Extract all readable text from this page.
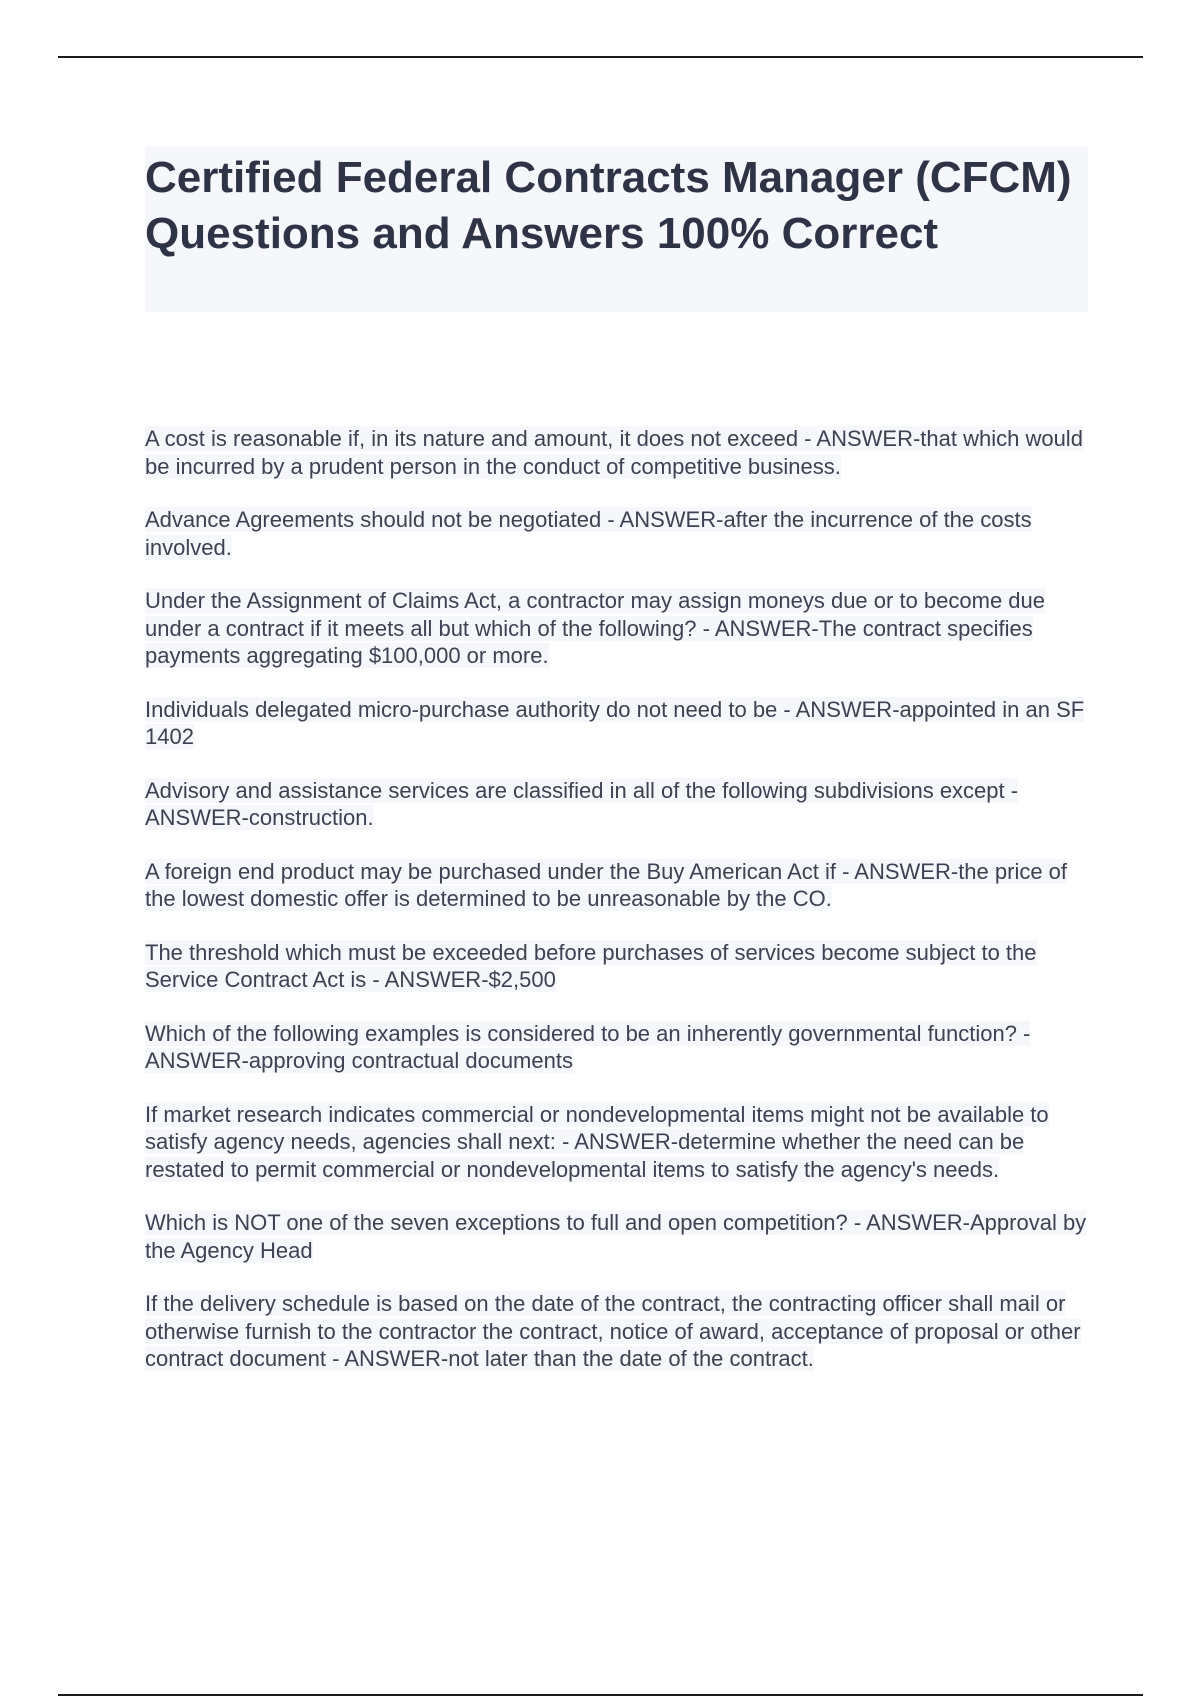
Certified Federal Contracts Manager (CFCM) Questions and Answers 100% Correct

A cost is reasonable if, in its nature and amount, it does not exceed - ANSWER-that which would be incurred by a prudent person in the conduct of competitive business.

Advance Agreements should not be negotiated - ANSWER-after the incurrence of the costs involved.

Under the Assignment of Claims Act, a contractor may assign moneys due or to become due under a contract if it meets all but which of the following? - ANSWER-The contract specifies payments aggregating $100,000 or more.

Individuals delegated micro-purchase authority do not need to be - ANSWER-appointed in an SF 1402

Advisory and assistance services are classified in all of the following subdivisions except - ANSWER-construction.

A foreign end product may be purchased under the Buy American Act if - ANSWER-the price of the lowest domestic offer is determined to be unreasonable by the CO.

The threshold which must be exceeded before purchases of services become subject to the Service Contract Act is - ANSWER-$2,500

Which of the following examples is considered to be an inherently governmental function? - ANSWER-approving contractual documents

If market research indicates commercial or nondevelopmental items might not be available to satisfy agency needs, agencies shall next: - ANSWER-determine whether the need can be restated to permit commercial or nondevelopmental items to satisfy the agency's needs.

Which is NOT one of the seven exceptions to full and open competition? - ANSWER-Approval by the Agency Head

If the delivery schedule is based on the date of the contract, the contracting officer shall mail or otherwise furnish to the contractor the contract, notice of award, acceptance of proposal or other contract document - ANSWER-not later than the date of the contract.
